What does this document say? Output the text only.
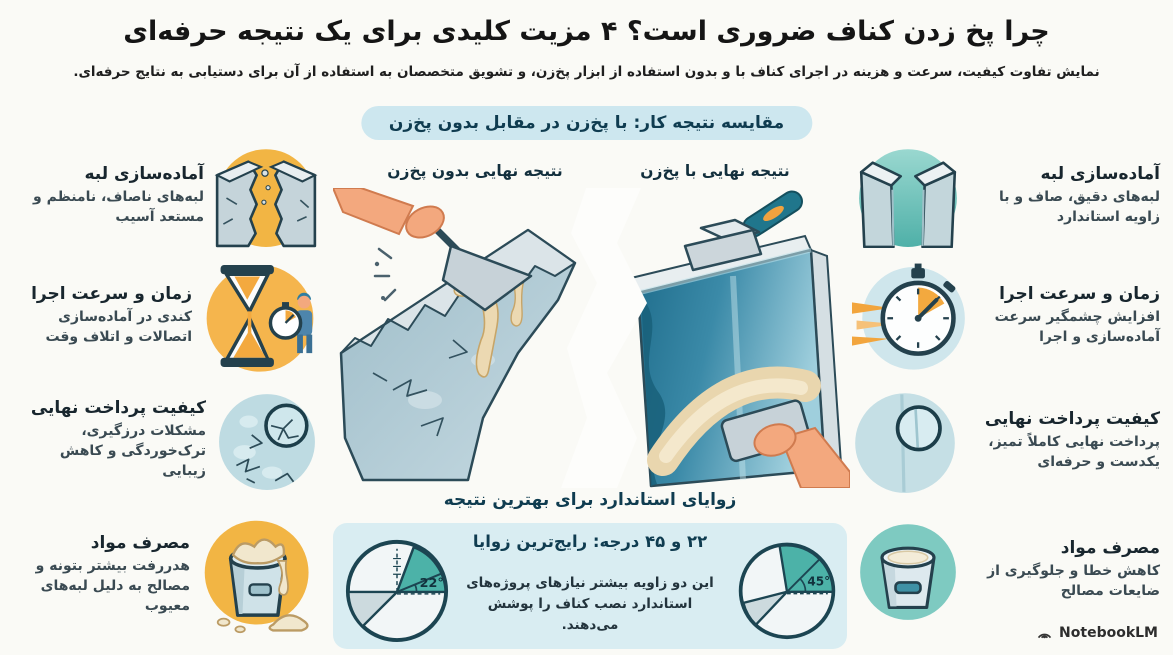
چرا پخ زدن کناف ضروری است؟ ۴ مزیت کلیدی برای یک نتیجه حرفه‌ای
نمایش تفاوت کیفیت، سرعت و هزینه در اجرای کناف با و بدون استفاده از ابزار پخ‌زن، و تشویق متخصصان به استفاده از آن برای دستیابی به نتایج حرفه‌ای.
مقایسه نتیجه کار: با پخ‌زن در مقابل بدون پخ‌زن
نتیجه نهایی بدون پخ‌زن	نتیجه نهایی با پخ‌زن
آماده‌سازی لبه
لبه‌های ناصاف، نامنظم و مستعد آسیب
زمان و سرعت اجرا
کندی در آماده‌سازی اتصالات و اتلاف وقت
کیفیت پرداخت نهایی
مشکلات درزگیری، ترک‌خوردگی و کاهش زیبایی
مصرف مواد
هدررفت بیشتر بتونه و مصالح به دلیل لبه‌های معیوب
آماده‌سازی لبه
لبه‌های دقیق، صاف و با زاویه استاندارد
زمان و سرعت اجرا
افزایش چشمگیر سرعت آماده‌سازی و اجرا
کیفیت پرداخت نهایی
پرداخت نهایی کاملاً تمیز، یکدست و حرفه‌ای
مصرف مواد
کاهش خطا و جلوگیری از ضایعات مصالح
زوایای استاندارد برای بهترین نتیجه
۲۲ و ۴۵ درجه: رایج‌ترین زوایا
22°	این دو زاویه بیشتر نیازهای پروژه‌های استاندارد نصب کناف را پوشش می‌دهند.
45°
NotebookLM
